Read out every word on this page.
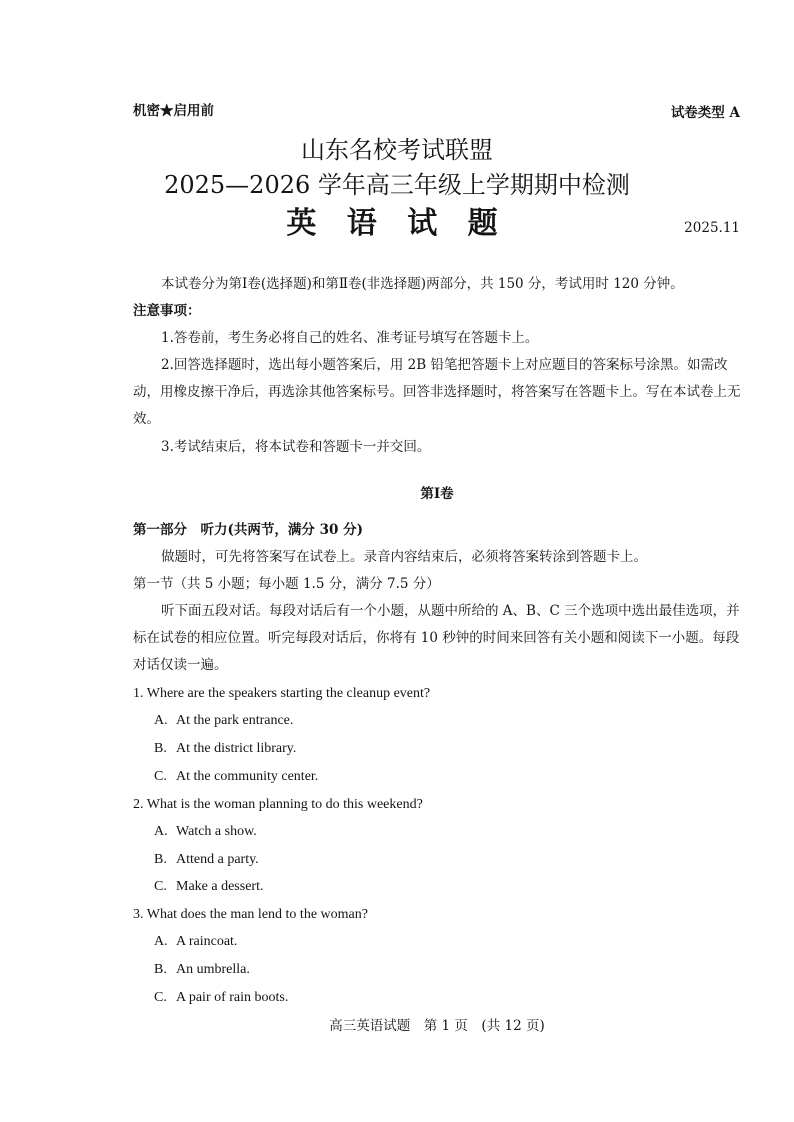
机密★启用前	试卷类型 A
山东名校考试联盟
2025—2026 学年高三年级上学期期中检测
英 语 试 题	2025.11
本试卷分为第Ⅰ卷(选择题)和第Ⅱ卷(非选择题)两部分，共 150 分，考试用时 120 分钟。
注意事项：
1.答卷前，考生务必将自己的姓名、准考证号填写在答题卡上。
2.回答选择题时，选出每小题答案后，用 2B 铅笔把答题卡上对应题目的答案标号涂黑。如需改动，用橡皮擦干净后，再选涂其他答案标号。回答非选择题时，将答案写在答题卡上。写在本试卷上无效。
3.考试结束后，将本试卷和答题卡一并交回。
第Ⅰ卷
第一部分　听力(共两节，满分 30 分)
做题时，可先将答案写在试卷上。录音内容结束后，必须将答案转涂到答题卡上。
第一节（共 5 小题；每小题 1.5 分，满分 7.5 分）
听下面五段对话。每段对话后有一个小题，从题中所给的 A、B、C 三个选项中选出最佳选项，并标在试卷的相应位置。听完每段对话后，你将有 10 秒钟的时间来回答有关小题和阅读下一小题。每段对话仅读一遍。
1. Where are the speakers starting the cleanup event?
A. At the park entrance.
B. At the district library.
C. At the community center.
2. What is the woman planning to do this weekend?
A. Watch a show.
B. Attend a party.
C. Make a dessert.
3. What does the man lend to the woman?
A. A raincoat.
B. An umbrella.
C. A pair of rain boots.
高三英语试题　第 1 页　(共 12 页)
